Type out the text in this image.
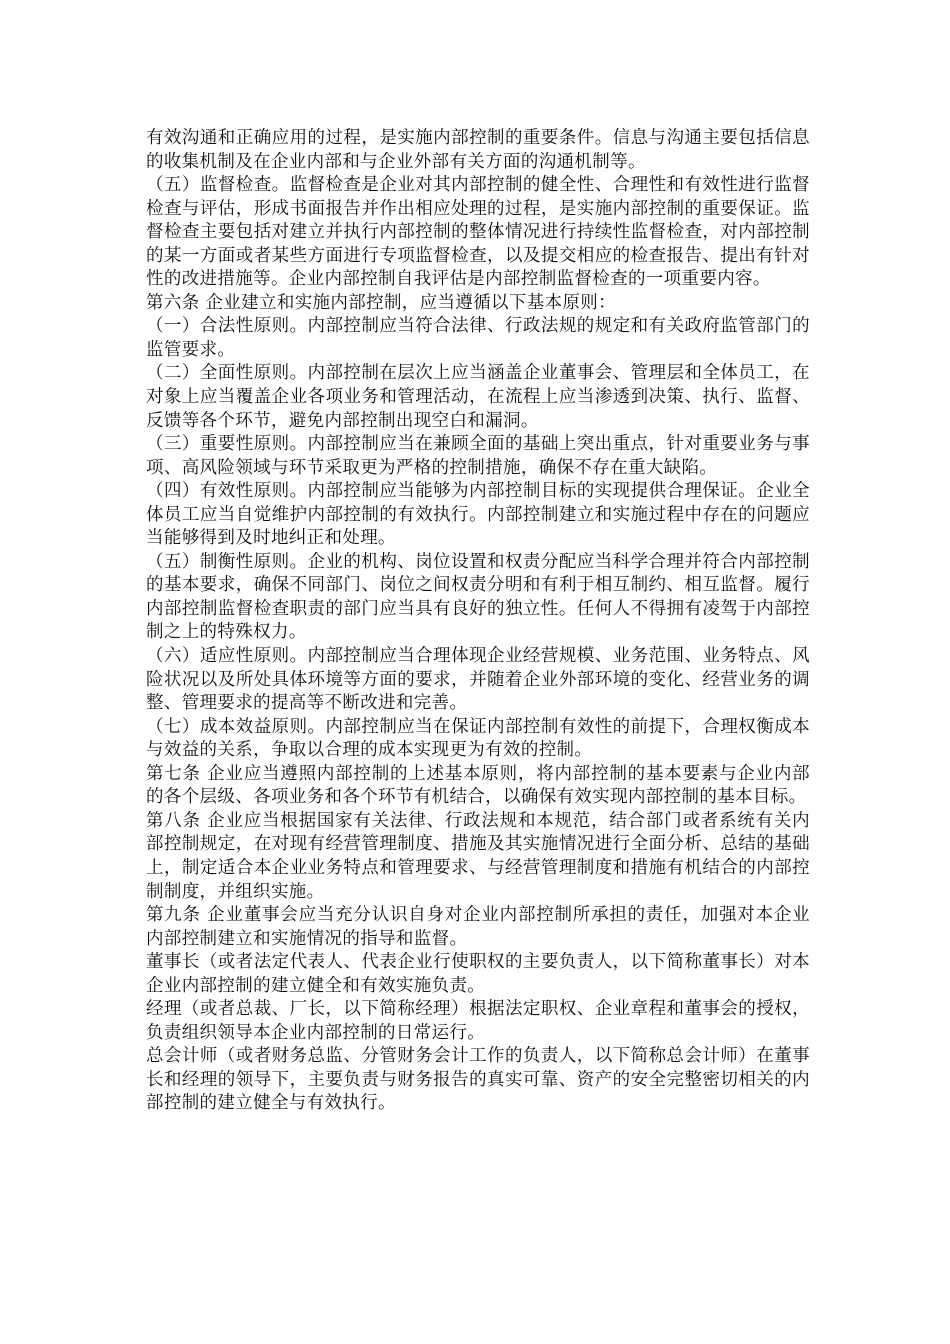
有效沟通和正确应用的过程，是实施内部控制的重要条件。信息与沟通主要包括信息的收集机制及在企业内部和与企业外部有关方面的沟通机制等。

（五）监督检查。监督检查是企业对其内部控制的健全性、合理性和有效性进行监督检查与评估，形成书面报告并作出相应处理的过程，是实施内部控制的重要保证。监督检查主要包括对建立并执行内部控制的整体情况进行持续性监督检查，对内部控制的某一方面或者某些方面进行专项监督检查，以及提交相应的检查报告、提出有针对性的改进措施等。企业内部控制自我评估是内部控制监督检查的一项重要内容。

第六条 企业建立和实施内部控制，应当遵循以下基本原则：

（一）合法性原则。内部控制应当符合法律、行政法规的规定和有关政府监管部门的监管要求。

（二）全面性原则。内部控制在层次上应当涵盖企业董事会、管理层和全体员工，在对象上应当覆盖企业各项业务和管理活动，在流程上应当渗透到决策、执行、监督、反馈等各个环节，避免内部控制出现空白和漏洞。

（三）重要性原则。内部控制应当在兼顾全面的基础上突出重点，针对重要业务与事项、高风险领域与环节采取更为严格的控制措施，确保不存在重大缺陷。

（四）有效性原则。内部控制应当能够为内部控制目标的实现提供合理保证。企业全体员工应当自觉维护内部控制的有效执行。内部控制建立和实施过程中存在的问题应当能够得到及时地纠正和处理。

（五）制衡性原则。企业的机构、岗位设置和权责分配应当科学合理并符合内部控制的基本要求，确保不同部门、岗位之间权责分明和有利于相互制约、相互监督。履行内部控制监督检查职责的部门应当具有良好的独立性。任何人不得拥有凌驾于内部控制之上的特殊权力。

（六）适应性原则。内部控制应当合理体现企业经营规模、业务范围、业务特点、风险状况以及所处具体环境等方面的要求，并随着企业外部环境的变化、经营业务的调整、管理要求的提高等不断改进和完善。

（七）成本效益原则。内部控制应当在保证内部控制有效性的前提下，合理权衡成本与效益的关系，争取以合理的成本实现更为有效的控制。

第七条 企业应当遵照内部控制的上述基本原则，将内部控制的基本要素与企业内部的各个层级、各项业务和各个环节有机结合，以确保有效实现内部控制的基本目标。

第八条 企业应当根据国家有关法律、行政法规和本规范，结合部门或者系统有关内部控制规定，在对现有经营管理制度、措施及其实施情况进行全面分析、总结的基础上，制定适合本企业业务特点和管理要求、与经营管理制度和措施有机结合的内部控制制度，并组织实施。

第九条 企业董事会应当充分认识自身对企业内部控制所承担的责任，加强对本企业内部控制建立和实施情况的指导和监督。

董事长（或者法定代表人、代表企业行使职权的主要负责人，以下简称董事长）对本企业内部控制的建立健全和有效实施负责。

经理（或者总裁、厂长，以下简称经理）根据法定职权、企业章程和董事会的授权，负责组织领导本企业内部控制的日常运行。

总会计师（或者财务总监、分管财务会计工作的负责人，以下简称总会计师）在董事长和经理的领导下，主要负责与财务报告的真实可靠、资产的安全完整密切相关的内部控制的建立健全与有效执行。
